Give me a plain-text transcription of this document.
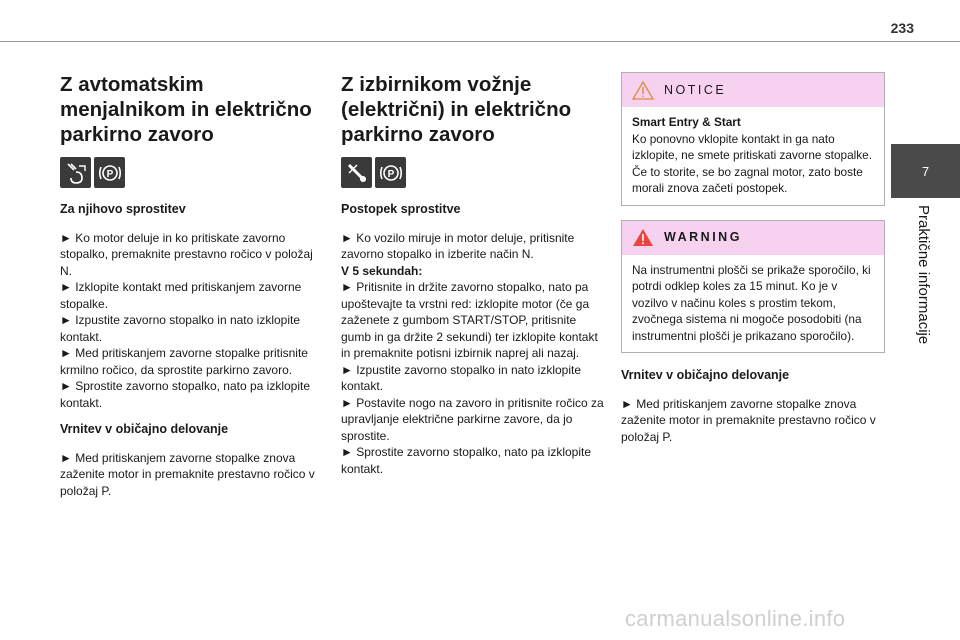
233
Z avtomatskim menjalnikom in električno parkirno zavoro
P
Za njihovo sprostitev

► Ko motor deluje in ko pritiskate zavorno stopalko, premaknite prestavno ročico v položaj N.

► Izklopite kontakt med pritiskanjem zavorne stopalke.

► Izpustite zavorno stopalko in nato izklopite kontakt.

► Med pritiskanjem zavorne stopalke pritisnite krmilno ročico, da sprostite parkirno zavoro.

► Sprostite zavorno stopalko, nato pa izklopite kontakt.

Vrnitev v običajno delovanje

► Med pritiskanjem zavorne stopalke znova zaženite motor in premaknite prestavno ročico v položaj P.

Z izbirnikom vožnje (električni) in električno parkirno zavoro
P
Postopek sprostitve

► Ko vozilo miruje in motor deluje, pritisnite zavorno stopalko in izberite način N.

V 5 sekundah:

► Pritisnite in držite zavorno stopalko, nato pa upoštevajte ta vrstni red: izklopite motor (če ga zaženete z gumbom START/STOP, pritisnite gumb in ga držite 2 sekundi) ter izklopite kontakt in premaknite potisni izbirnik naprej ali nazaj.

► Izpustite zavorno stopalko in nato izklopite kontakt.

► Postavite nogo na zavoro in pritisnite ročico za upravljanje električne parkirne zavore, da jo sprostite.

► Sprostite zavorno stopalko, nato pa izklopite kontakt.

NOTICE

Smart Entry & Start

Ko ponovno vklopite kontakt in ga nato izklopite, ne smete pritiskati zavorne stopalke. Če to storite, se bo zagnal motor, zato boste morali znova začeti postopek.

WARNING

Na instrumentni plošči se prikaže sporočilo, ki potrdi odklep koles za 15 minut. Ko je v vozilvo v načinu koles s prostim tekom, zvočnega sistema ni mogoče posodobiti (na instrumentni plošči je prikazano sporočilo).

Vrnitev v običajno delovanje

► Med pritiskanjem zavorne stopalke znova zaženite motor in premaknite prestavno ročico v položaj P.

7
Praktične informacije
carmanualsonline.info
